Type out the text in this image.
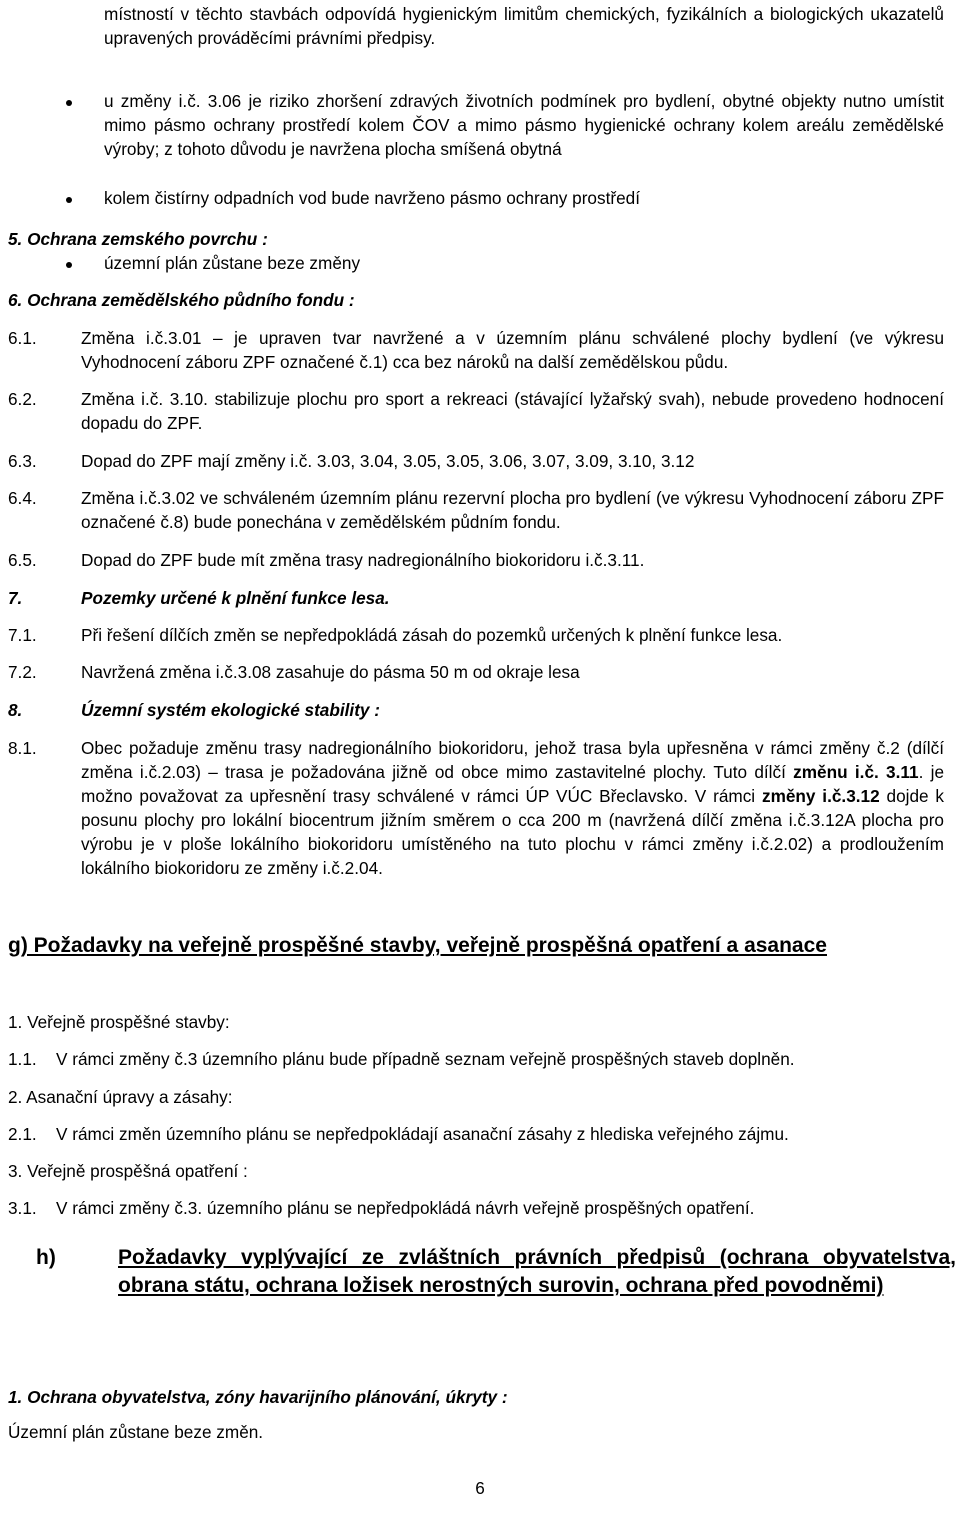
místností v těchto stavbách odpovídá hygienickým limitům chemických, fyzikálních a biologických ukazatelů upravených prováděcími právními předpisy.
u změny i.č. 3.06 je riziko zhoršení zdravých životních podmínek pro bydlení, obytné objekty nutno umístit mimo pásmo ochrany prostředí kolem ČOV a mimo pásmo hygienické ochrany kolem areálu zemědělské výroby; z tohoto důvodu je navržena plocha smíšená obytná
kolem čistírny odpadních vod bude navrženo pásmo ochrany prostředí
5. Ochrana zemského povrchu :
územní plán zůstane beze změny
6. Ochrana zemědělského půdního fondu :
6.1.	Změna i.č.3.01 – je upraven tvar navržené a v územním plánu schválené plochy bydlení (ve výkresu Vyhodnocení záboru ZPF označené č.1) cca bez nároků na další zemědělskou půdu.
6.2.	Změna i.č. 3.10. stabilizuje plochu pro sport a rekreaci (stávající lyžařský svah), nebude provedeno hodnocení dopadu do ZPF.
6.3.	Dopad do ZPF mají změny i.č. 3.03, 3.04, 3.05, 3.05, 3.06, 3.07, 3.09, 3.10, 3.12
6.4.	Změna i.č.3.02 ve schváleném územním plánu rezervní plocha pro bydlení (ve výkresu Vyhodnocení záboru ZPF označené č.8) bude ponechána v zemědělském půdním fondu.
6.5.	Dopad do ZPF bude mít změna trasy nadregionálního biokoridoru i.č.3.11.
7.	Pozemky určené k plnění funkce lesa.
7.1.	Při řešení dílčích změn se nepředpokládá zásah do pozemků určených k plnění funkce lesa.
7.2.	Navržená změna i.č.3.08 zasahuje do pásma 50 m od okraje lesa
8.	Územní systém ekologické stability :
8.1.	Obec požaduje změnu trasy nadregionálního biokoridoru, jehož trasa byla upřesněna v rámci změny č.2 (dílčí změna i.č.2.03) – trasa je požadována jižně od obce mimo zastavitelné plochy. Tuto dílčí změnu i.č. 3.11. je možno považovat za upřesnění trasy schválené v rámci ÚP VÚC Břeclavsko. V rámci změny i.č.3.12 dojde k posunu plochy pro lokální biocentrum jižním směrem o cca 200 m (navržená dílčí změna i.č.3.12A plocha pro výrobu je v ploše lokálního biokoridoru umístěného na tuto plochu v rámci změny i.č.2.02) a prodloužením lokálního biokoridoru ze změny i.č.2.04.
g) Požadavky na veřejně prospěšné stavby, veřejně prospěšná opatření a asanace
1. Veřejně prospěšné stavby:
1.1. V rámci změny č.3 územního plánu bude případně seznam veřejně prospěšných staveb doplněn.
2. Asanační úpravy a zásahy:
2.1. V rámci změn územního plánu se nepředpokládají asanační zásahy z hlediska veřejného zájmu.
3. Veřejně prospěšná opatření :
3.1. V rámci změny č.3. územního plánu se nepředpokládá návrh veřejně prospěšných opatření.
h)	Požadavky vyplývající ze zvláštních právních předpisů (ochrana obyvatelstva, obrana státu, ochrana ložisek nerostných surovin, ochrana před povodněmi)
1. Ochrana obyvatelstva, zóny havarijního plánování, úkryty :
Územní plán zůstane beze změn.
6
